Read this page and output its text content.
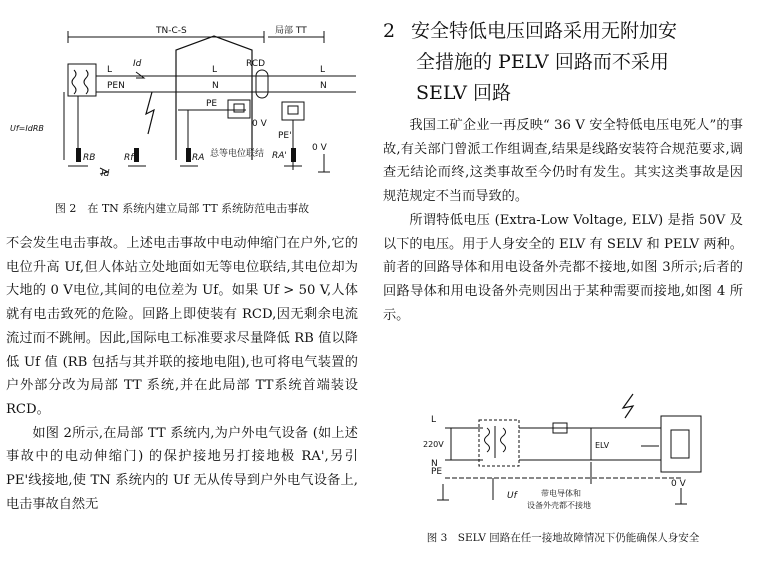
TN-C-S	局部 TT
L
PEN
Id
L
N
RCD
PE
0 V
L
N
PE'
0 V
Uf=IdRB
RB
Id
Rf	RA 总等电位联结 RA'
图 2　在 TN 系统内建立局部 TT 系统防范电击事故

不会发生电击事故。上述电击事故中电动伸缩门在户外,它的电位升高 Uf,但人体站立处地面如无等电位联结,其电位却为大地的 0 V电位,其间的电位差为 Uf。如果 Uf > 50 V,人体就有电击致死的危险。回路上即使装有 RCD,因无剩余电流流过而不跳闸。因此,国际电工标准要求尽量降低 RB 值以降低 Uf 值 (RB 包括与其并联的接地电阻),也可将电气装置的户外部分改为局部 TT 系统,并在此局部 TT系统首端装设 RCD。

如图 2所示,在局部 TT 系统内,为户外电气设备 (如上述事故中的电动伸缩门) 的保护接地另打接地极 RA',另引 PE'线接地,使 TN 系统内的 Uf 无从传导到户外电气设备上,电击事故自然无

2 安全特低电压回路采用无附加安
全措施的 PELV 回路而不采用
SELV 回路

我国工矿企业一再反映“ 36 V 安全特低电压电死人”的事故,有关部门曾派工作组调查,结果是线路安装符合规范要求,调查无结论而终,这类事故至今仍时有发生。其实这类事故是因规范规定不当而导致的。

所谓特低电压 (Extra-Low Voltage, ELV) 是指 50V 及以下的电压。用于人身安全的 ELV 有 SELV 和 PELV 两种。前者的回路导体和用电设备外壳都不接地,如图 3所示;后者的回路导体和用电设备外壳则因出于某种需要而接地,如图 4 所示。

L
N
220V	ELV
PE
Uf
0 V
带电导体和
设备外壳都不接地
图 3　SELV 回路在任一接地故障情况下仍能确保人身安全
